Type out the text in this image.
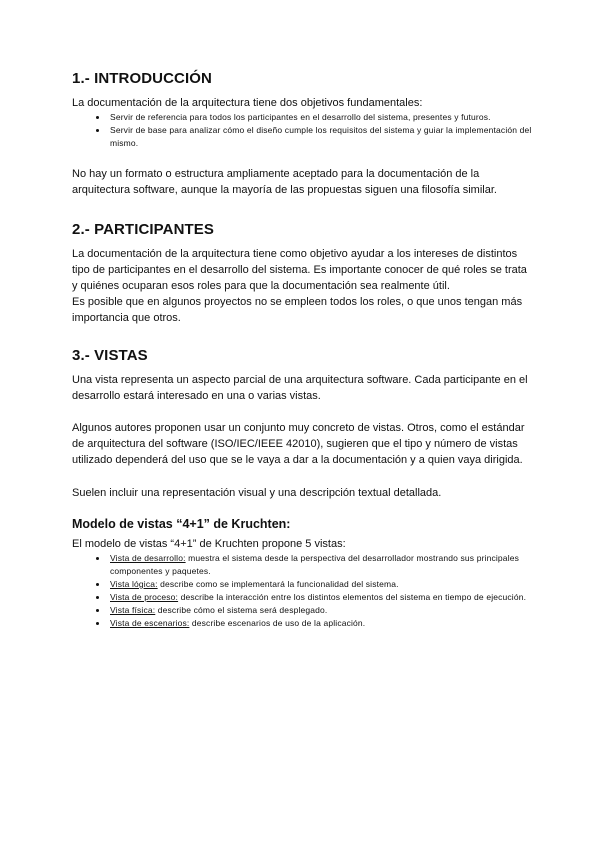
1.- INTRODUCCIÓN

La documentación de la arquitectura tiene dos objetivos fundamentales:

• Servir de referencia para todos los participantes en el desarrollo del sistema, presentes y futuros.
• Servir de base para analizar cómo el diseño cumple los requisitos del sistema y guiar la implementación del mismo.

No hay un formato o estructura ampliamente aceptado para la documentación de la arquitectura software, aunque la mayoría de las propuestas siguen una filosofía similar.

2.- PARTICIPANTES

La documentación de la arquitectura tiene como objetivo ayudar a los intereses de distintos tipo de participantes en el desarrollo del sistema. Es importante conocer de qué roles se trata y quiénes ocuparan esos roles para que la documentación sea realmente útil.

Es posible que en algunos proyectos no se empleen todos los roles, o que unos tengan más importancia que otros.

3.- VISTAS

Una vista representa un aspecto parcial de una arquitectura software. Cada participante en el desarrollo estará interesado en una o varias vistas.

Algunos autores proponen usar un conjunto muy concreto de vistas. Otros, como el estándar de arquitectura del software (ISO/IEC/IEEE 42010), sugieren que el tipo y número de vistas utilizado dependerá del uso que se le vaya a dar a la documentación y a quien vaya dirigida.

Suelen incluir una representación visual y una descripción textual detallada.

Modelo de vistas “4+1” de Kruchten:

El modelo de vistas “4+1” de Kruchten propone 5 vistas:

• Vista de desarrollo: muestra el sistema desde la perspectiva del desarrollador mostrando sus principales componentes y paquetes.
• Vista lógica: describe como se implementará la funcionalidad del sistema.
• Vista de proceso: describe la interacción entre los distintos elementos del sistema en tiempo de ejecución.
• Vista física: describe cómo el sistema será desplegado.
• Vista de escenarios: describe escenarios de uso de la aplicación.
